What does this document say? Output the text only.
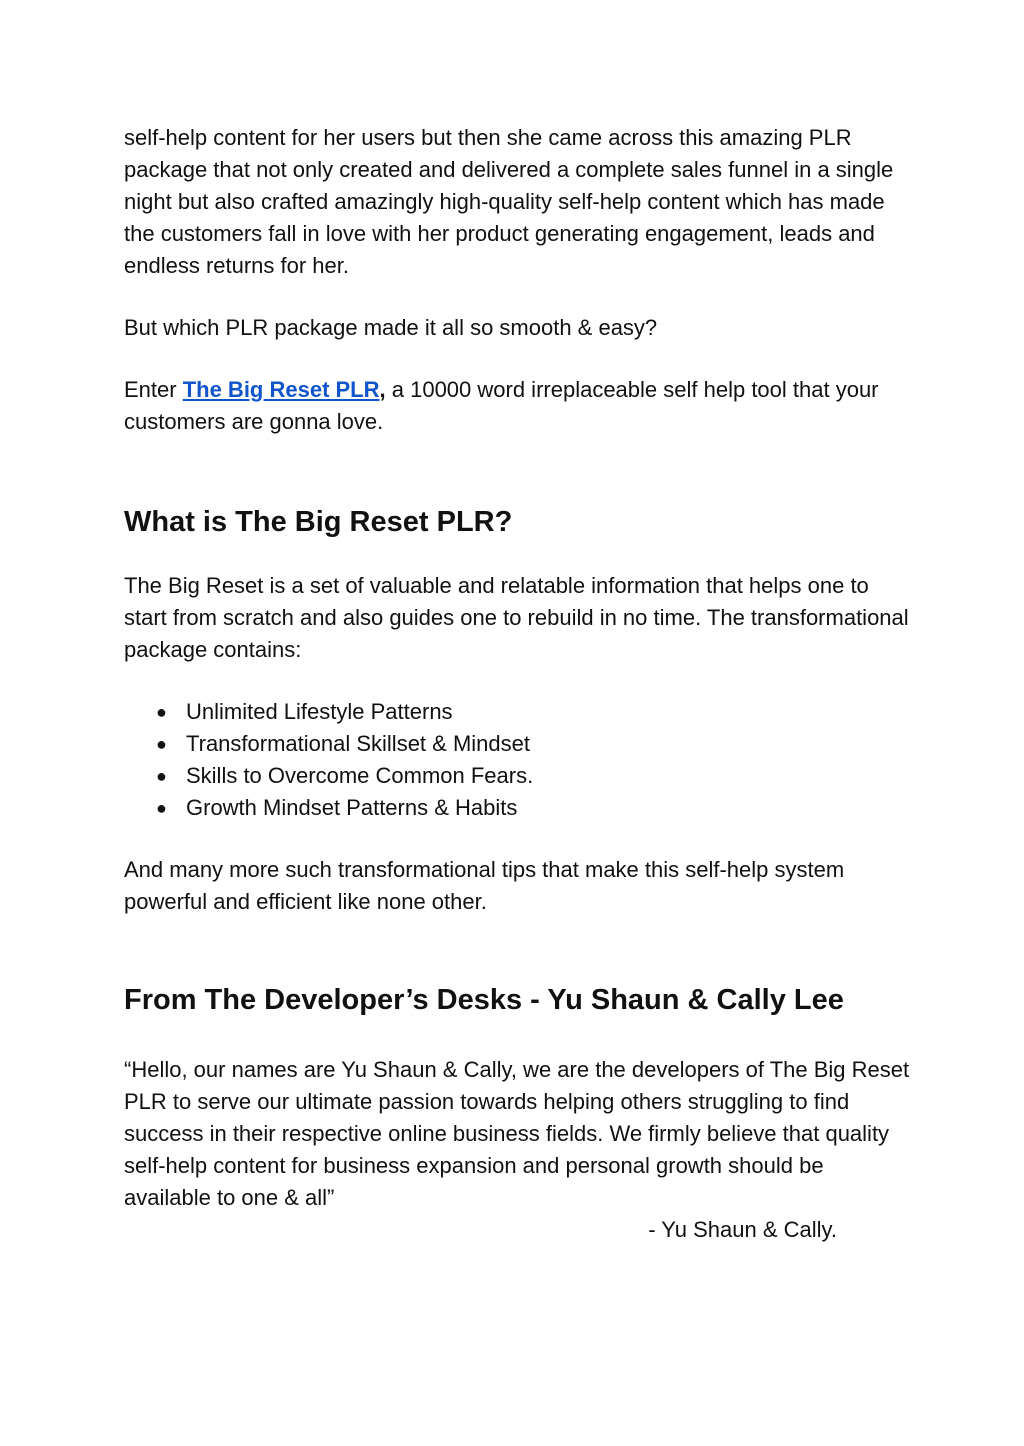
self-help content for her users but then she came across this amazing PLR package that not only created and delivered a complete sales funnel in a single night but also crafted amazingly high-quality self-help content which has made the customers fall in love with her product generating engagement, leads and endless returns for her.

But which PLR package made it all so smooth & easy?

Enter The Big Reset PLR, a 10000 word irreplaceable self help tool that your customers are gonna love.

What is The Big Reset PLR?

The Big Reset is a set of valuable and relatable information that helps one to start from scratch and also guides one to rebuild in no time. The transformational package contains:

● Unlimited Lifestyle Patterns
● Transformational Skillset & Mindset
● Skills to Overcome Common Fears.
● Growth Mindset Patterns & Habits

And many more such transformational tips that make this self-help system powerful and efficient like none other.

From The Developer’s Desks - Yu Shaun & Cally Lee

“Hello, our names are Yu Shaun & Cally, we are the developers of The Big Reset PLR to serve our ultimate passion towards helping others struggling to find success in their respective online business fields. We firmly believe that quality self-help content for business expansion and personal growth should be available to one & all”

- Yu Shaun & Cally.
